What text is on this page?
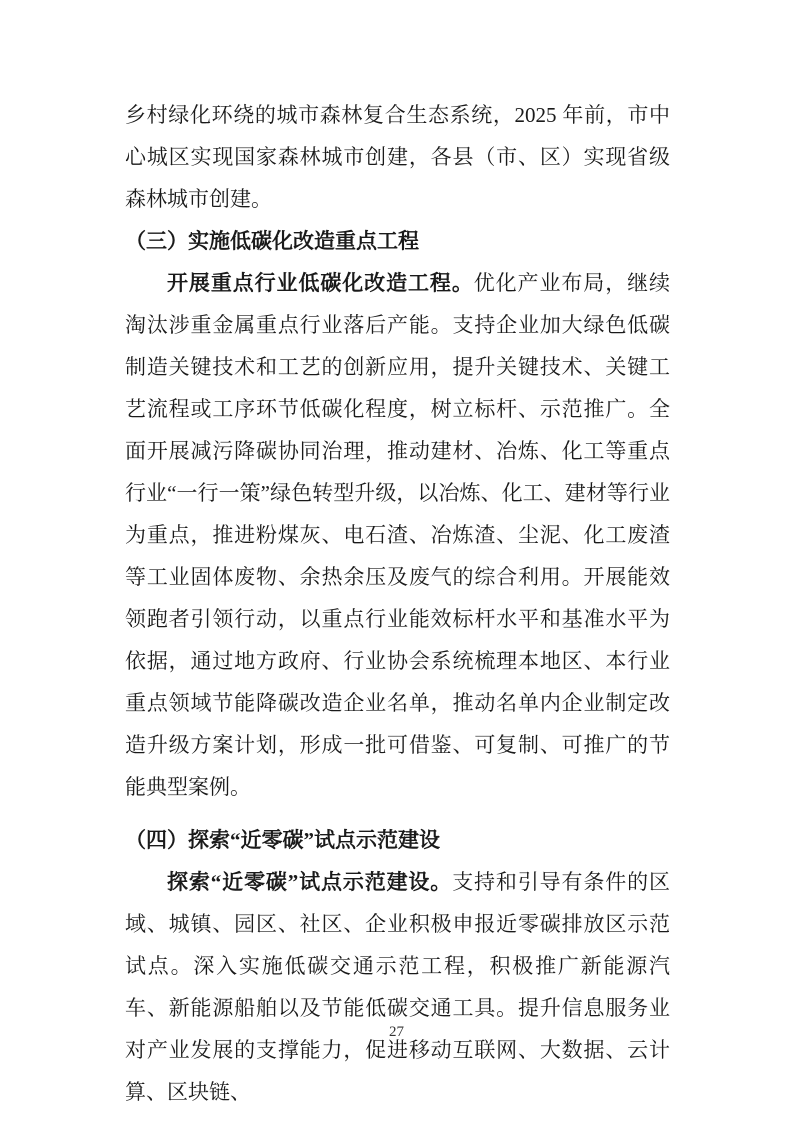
乡村绿化环绕的城市森林复合生态系统，2025 年前，市中心城区实现国家森林城市创建，各县（市、区）实现省级森林城市创建。

（三）实施低碳化改造重点工程

开展重点行业低碳化改造工程。优化产业布局，继续淘汰涉重金属重点行业落后产能。支持企业加大绿色低碳制造关键技术和工艺的创新应用，提升关键技术、关键工艺流程或工序环节低碳化程度，树立标杆、示范推广。全面开展减污降碳协同治理，推动建材、冶炼、化工等重点行业“一行一策”绿色转型升级，以冶炼、化工、建材等行业为重点，推进粉煤灰、电石渣、冶炼渣、尘泥、化工废渣等工业固体废物、余热余压及废气的综合利用。开展能效领跑者引领行动，以重点行业能效标杆水平和基准水平为依据，通过地方政府、行业协会系统梳理本地区、本行业重点领域节能降碳改造企业名单，推动名单内企业制定改造升级方案计划，形成一批可借鉴、可复制、可推广的节能典型案例。

（四）探索“近零碳”试点示范建设

探索“近零碳”试点示范建设。支持和引导有条件的区域、城镇、园区、社区、企业积极申报近零碳排放区示范试点。深入实施低碳交通示范工程，积极推广新能源汽车、新能源船舶以及节能低碳交通工具。提升信息服务业对产业发展的支撑能力，促进移动互联网、大数据、云计算、区块链、

27
